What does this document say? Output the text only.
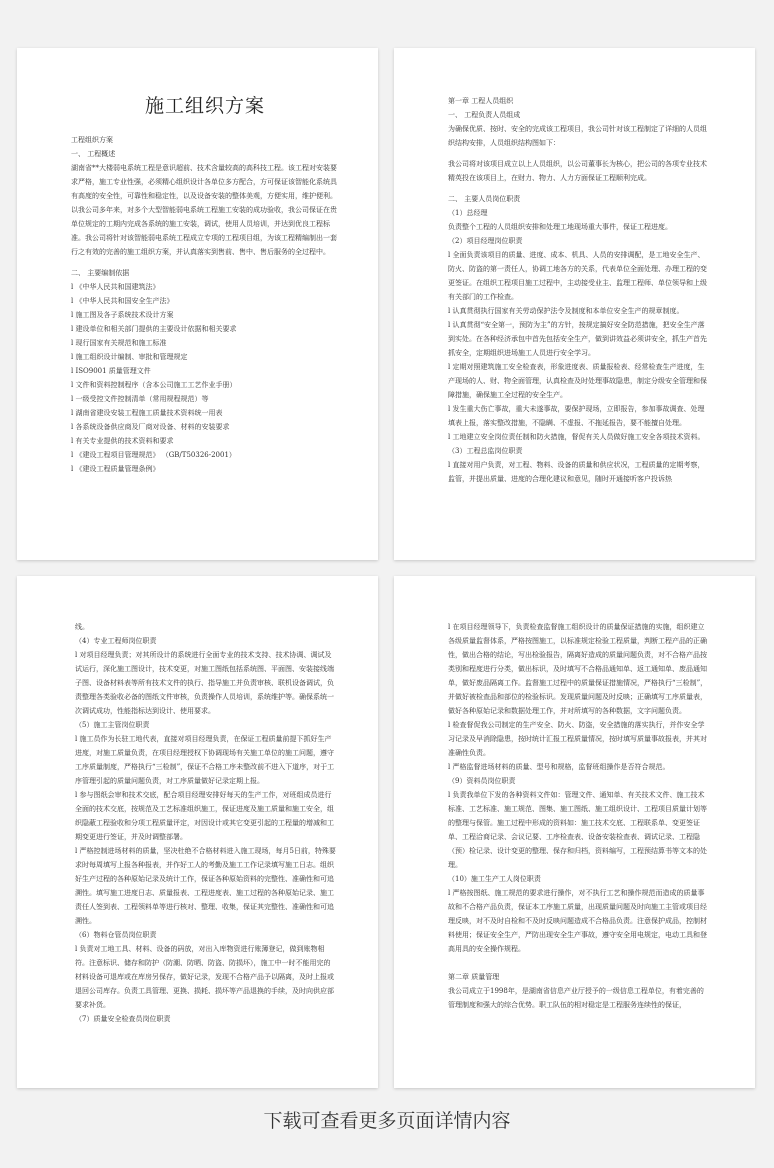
施工组织方案
工程组织方案
一、 工程概述
湖南省**大楼弱电系统工程是意识超前、技术含量较高的高科技工程。该工程对安装要求严格，施工专业性强，必须精心组织设计各单位多方配合，方可保证该智能化系统具有高度的安全性，可靠性和稳定性，以及设备安装的整体美观，方便实用，维护便利。
以我公司多年来，对多个大型智能弱电系统工程施工安装的成功验收，我公司保证在贵单位规定的工期内完成各系统的施工安装，调试，使用人员培训，并达到优良工程标准。我公司将针对该智能弱电系统工程成立专项的工程项目组，为该工程精编制出一套行之有效的完善的施工组织方案，并认真落实到售前、售中、售后服务的全过程中。
二、 主要编制依据
l 《中华人民共和国建筑法》
l 《中华人民共和国安全生产法》
l 施工图及各子系统技术设计方案
l 建设单位和相关部门提供的主要设计依据和相关要求
l 现行国家有关规范和施工标准
l 施工组织设计编制、审批和管理规定
l ISO9001 质量管理文件
l 文件和资料控制程序（含本公司施工工艺作业手册）
l 一级受控文件控制清单（常用规程规范）等
l 湖南省建设安装工程施工质量技术资料统一用表
l 各系统设备供应商及厂商对设备、材料的安装要求
l 有关专业提供的技术资料和要求
l 《建设工程项目管理规范》 （GB/T50326-2001）
l 《建设工程质量管理条例》
第一章 工程人员组织
一、 工程负责人员组成
为确保优质、按时、安全的完成该工程项目，我公司针对该工程制定了详细的人员组织结构安排，人员组织结构图如下：
我公司将对该项目成立以上人员组织，以公司董事长为核心，把公司的各项专业技术精英投在该项目上，在财力、物力、人力方面保证工程顺利完成。
二、 主要人员岗位职责
（1）总经理
负责整个工程的人员组织安排和处理工地现场重大事件，保证工程进度。
（2）项目经理岗位职责
l 全面负责该项目的质量、进度、成本、机具、人员的安排调配，是工地安全生产、防火、防盗的第一责任人，协调工地各方的关系，代表单位全面处理、办理工程的变更签证。在组织工程项目施工过程中，主动接受业主、监理工程师、单位领导和上级有关部门的工作检查。
l 认真贯彻执行国家有关劳动保护法令及制度和本单位安全生产的规章制度。
l 认真贯彻“安全第一，预防为主”的方针，按规定搞好安全防范措施，把安全生产落到实处。在各种经济承包中首先包括安全生产，做到讲效益必须讲安全，抓生产首先抓安全，定期组织进场施工人员进行安全学习。
l 定期对照建筑施工安全检查表，形象进度表、质量报检表、经常检查生产进度，生产现场的人、财、物全面管理，认真检查及时处理事故隐患，制定分级安全管理和保障措施，确保施工全过程的安全生产。
l 发生重大伤亡事故，重大未遂事故，要保护现场，立即报告，参加事故调查、处理填表上报，落实整改措施，不隐瞒、不虚报、不拖延报告，要不能擅自处理。
l 工地建立安全岗位责任制和防火措施，督促有关人员做好施工安全各项技术资料。
（3）工程总监岗位职责
l 直接对用户负责，对工程、物料、设备的质量和供应状况，工程质量的定期考察，监管，并提出质量、进度的合理化建议和意见，随时开通接听客户投诉热
线。
（4）专业工程师岗位职责
l 对项目经理负责；对其所设计的系统进行全面专业的技术支持、技术协调、调试及试运行，深化施工图设计，技术变更，对施工图纸包括系统图、平面图、安装接线端子图、设备材料表等所有技术文件的执行、指导施工并负责审核、联机设备调试，负责整理各类验收必备的图纸文件审核，负责操作人员培训，系统维护等。确保系统一次调试成功，性能指标达到设计、使用要求。
（5）施工主管岗位职责
l 施工员作为长驻工地代表，直接对项目经理负责，在保证工程质量前提下抓好生产进度，对施工质量负责，在项目经理授权下协调现场有关施工单位的施工问题，遵守工序质量制度，严格执行“三检制”，保证不合格工序未整改前不进入下道序，对于工序管理引起的质量问题负责，对工序质量做好记录定期上报。
l 参与图纸会审和技术交底，配合项目经理安排好每天的生产工作，对班组成员进行全面的技术交底，按规范及工艺标准组织施工，保证进度及施工质量和施工安全，组织隐蔽工程验收和分项工程质量评定，对因设计或其它变更引起的工程量的增减和工期变更进行签证，并及时调整部署。
l 严格控制进场材料的质量，坚决杜绝不合格材料进入施工现场，每月5日前，特殊要求时每周填写上报各种报表，并作好工人的考勤及施工工作记录填写施工日志。组织好生产过程的各种原始记录及统计工作，保证各种原始资料的完整性、准确性和可追溯性。填写施工进度日志、质量报表、工程进度表、施工过程的各种原始记录、施工责任人签到表、工程领料单等进行核对、整理、收集，保证其完整性、准确性和可追溯性。
（6）物料仓管员岗位职责
l 负责对工地工具、材料、设备的码放，对出入库物资进行账簿登记，做到账物相符。注意标识、储存和防护（防潮、防晒、防盗、防损坏），施工中一时不能用完的材料设备可退库或在库房另保存，做好记录，发现不合格产品予以隔离，及时上报或退回公司库存。负责工具管理、更换、损耗、损坏等产品退换的手续，及时向供应部要求补货。
（7）质量安全检查员岗位职责
l 在项目经理领导下，负责检查监督施工组织设计的质量保证措施的实施，组织建立各级质量监督体系，严格按图施工，以标准规定检验工程质量，判断工程产品的正确性，做出合格的结论，写出检验报告，隔离好造成的质量问题负责，对不合格产品按类别和程度进行分类，做出标识，及时填写不合格品通知单、返工通知单、废品通知单，做好废品隔离工作。监督施工过程中的质量保证措施情况，严格执行“三检制”，并做好被检查品和部位的检验标识。发现质量问题及时反映；正确填写工序质量表，做好各种原始记录和数据处理工作，并对所填写的各种数据，文字问题负责。
l 检查督促我公司制定的生产安全、防火、防盗，安全措施的落实执行，并作安全学习记录及早消除隐患，按时统计汇报工程质量情况，按时填写质量事故报表，并其对准确性负责。
l 严格监督进场材料的质量、型号和规格，监督班组操作是否符合规范。
（9）资料员岗位职责
l 负责我单位下发的各种资料文件如：管理文件、通知单、有关技术文件、施工技术标准、工艺标准、施工规范、图集、施工图纸、施工组织设计、工程项目质量计划等的整理与保管。施工过程中形成的资料如：施工技术交底、工程联系单、变更签证单、工程洽商记录、会议记要、工序检查表、设备安装检查表、调试记录、工程隐（预）检记录、设计变更的整理、保存和归档，资料编写，工程预结算书等文本的处理。
（10）施工生产工人岗位职责
l 严格按图纸、施工规范的要求进行操作，对不执行工艺和操作规范而造成的质量事故和不合格产品负责，保证本工序施工质量，出现质量问题及时向施工主管或项目经理反映，对不及时自检和不及时反映问题造成不合格品负责。注意保护成品，控制材料使用；保证安全生产，严防出现安全生产事故，遵守安全用电规定，电动工具和登高用具的安全操作规程。
第二章 质量管理
我公司成立于1998年，是湖南省信息产业厅授予的一级信息工程单位，有着完善的管理制度和强大的综合优势。职工队伍的相对稳定是工程服务连续性的保证，
下载可查看更多页面详情内容
